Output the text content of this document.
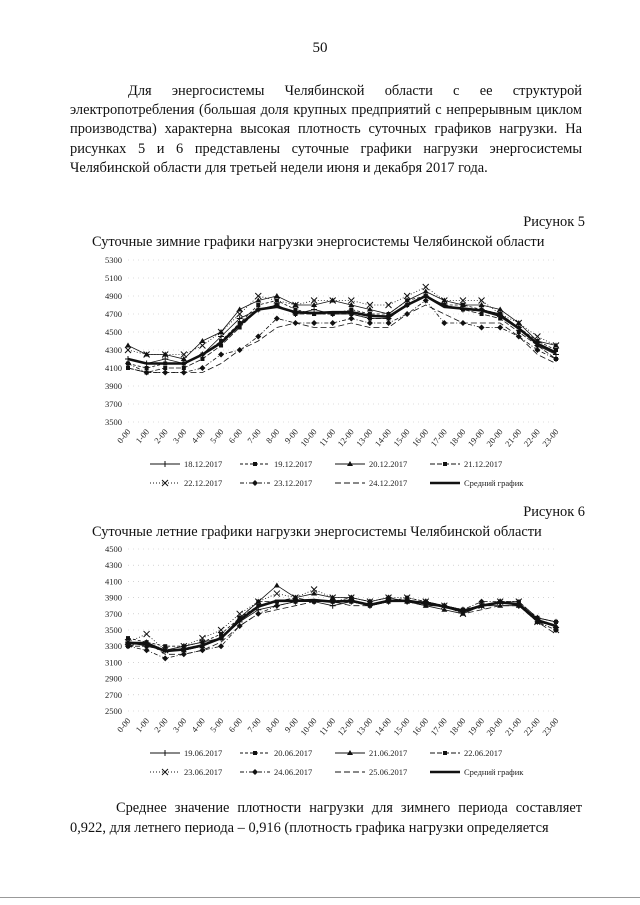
50
Для энергосистемы Челябинской области с ее структурой электропотребления (большая доля крупных предприятий с непрерывным циклом производства) характерна высокая плотность суточных графиков нагрузки. На рисунках 5 и 6 представлены суточные графики нагрузки энергосистемы Челябинской области для третьей недели июня и декабря 2017 года.
Рисунок 5
Суточные зимние графики нагрузки энергосистемы Челябинской области
3500
3700
3900
4100
4300
4500
4700
4900
5100
5300
0-00 1-00 2-00 3-00 4-00 5-00 6-00 7-00 8-00 9-00
10-00
11-00
12-00
13-00
14-00
15-00
16-00
17-00
18-00
19-00
20-00
21-00
22-00
23-00
18.12.2017	19.12.2017	20.12.2017	21.12.2017
22.12.2017	23.12.2017	24.12.2017	Средний график
Рисунок 6
Суточные летние графики нагрузки энергосистемы Челябинской области
2500
2700
2900
3100
3300
3500
3700
3900
4100
4300
4500
0-00 1-00 2-00 3-00 4-00 5-00 6-00 7-00 8-00 9-00
10-00
11-00
12-00
13-00
14-00
15-00
16-00
17-00
18-00
19-00
20-00
21-00
22-00
23-00
19.06.2017	20.06.2017	21.06.2017	22.06.2017
23.06.2017	24.06.2017	25.06.2017	Средний график
Среднее значение плотности нагрузки для зимнего периода составляет 0,922, для летнего периода – 0,916 (плотность графика нагрузки определяется
